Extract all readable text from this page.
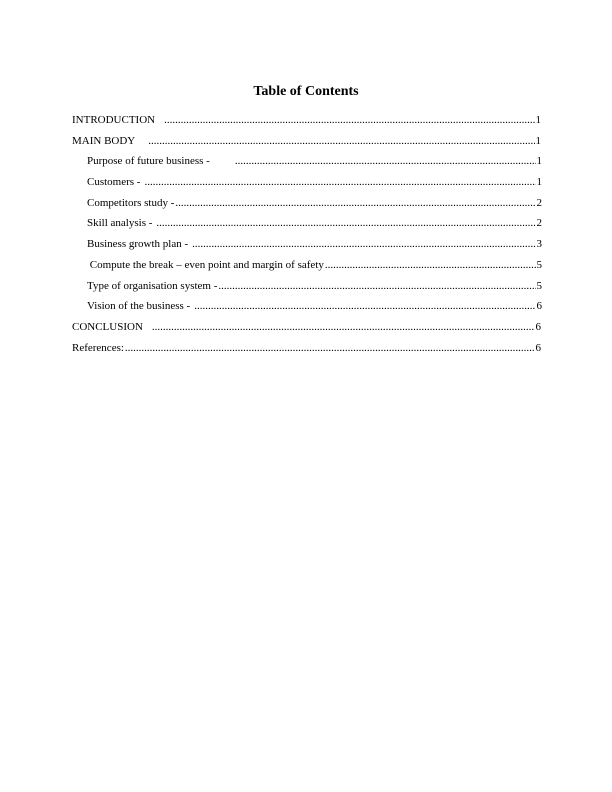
Table of Contents
INTRODUCTION .....	1
MAIN BODY .....	1
Purpose of future business - .....	1
Customers - .....	1
Competitors study - .....	2
Skill analysis - .....	2
Business growth plan - .....	3
Compute the break – even point and margin of safety .....	5
Type of organisation system - .....	5
Vision of the business - .....	6
CONCLUSION .....	6
References: .....	6
